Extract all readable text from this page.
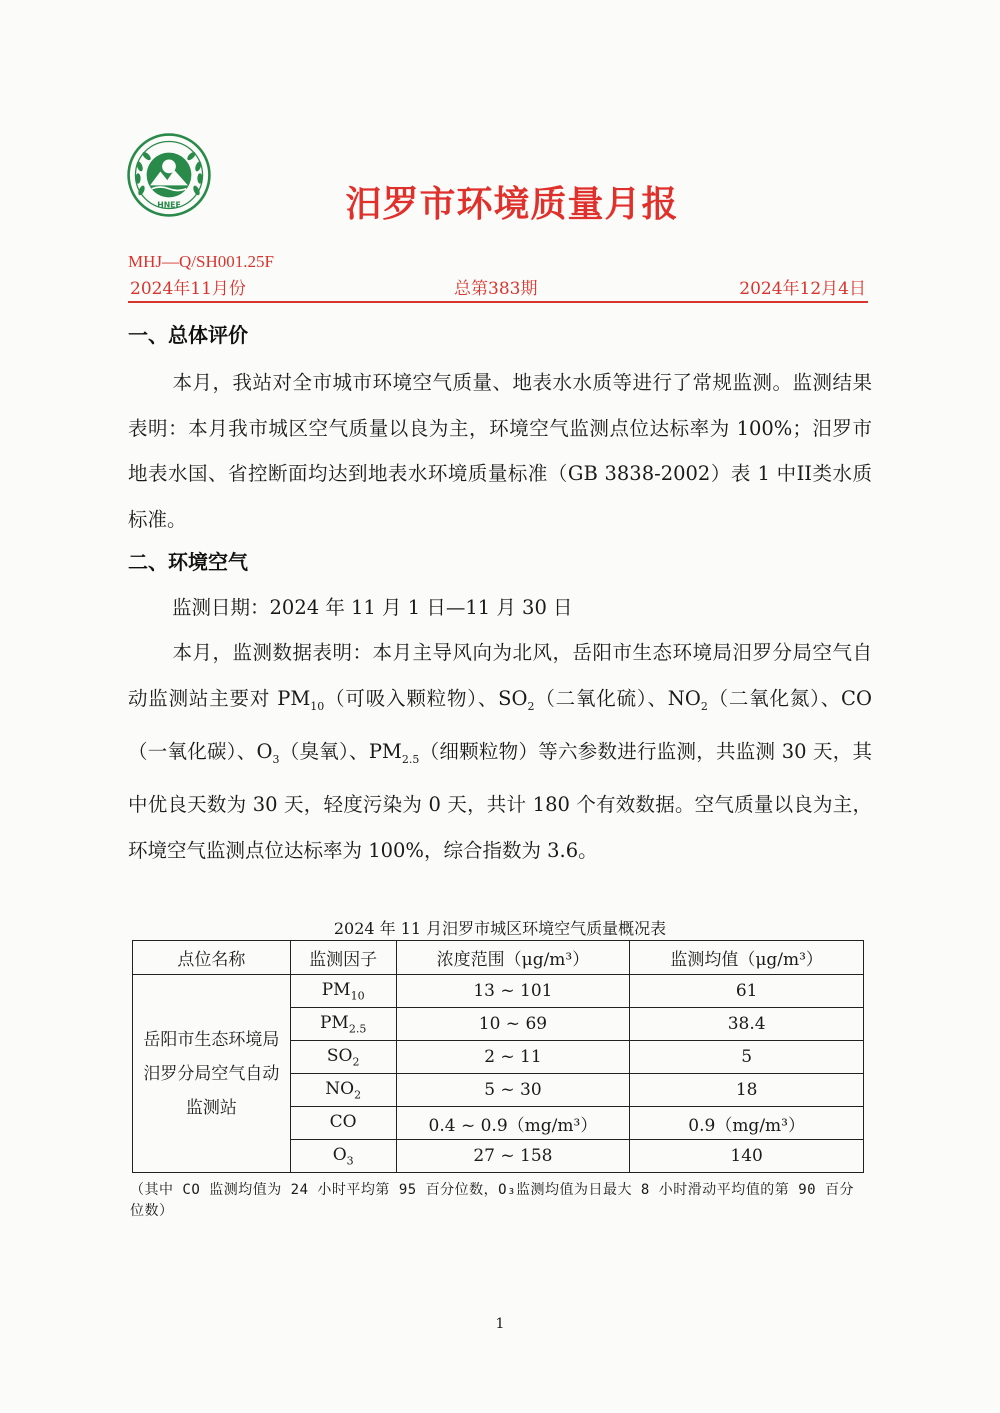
HNEE	汨罗市环境质量月报
MHJ—Q/SH001.25F
2024年11月份	总第383期	2024年12月4日
一、总体评价
本月，我站对全市城市环境空气质量、地表水水质等进行了常规监测。监测结果表明：本月我市城区空气质量以良为主，环境空气监测点位达标率为 100%；汨罗市地表水国、省控断面均达到地表水环境质量标准（GB 3838-2002）表 1 中II类水质标准。
二、环境空气
监测日期：2024 年 11 月 1 日—11 月 30 日
本月，监测数据表明：本月主导风向为北风，岳阳市生态环境局汨罗分局空气自动监测站主要对 $PM_{10}$（可吸入颗粒物）、$SO_2$（二氧化硫）、$NO_2$（二氧化氮）、CO（一氧化碳）、$O_3$（臭氧）、$PM_{2.5}$（细颗粒物）等六参数进行监测，共监测 30 天，其中优良天数为 30 天，轻度污染为 0 天，共计 180 个有效数据。空气质量以良为主，环境空气监测点位达标率为 100%，综合指数为 3.6。
2024 年 11 月汨罗市城区环境空气质量概况表
点位名称	监测因子	浓度范围（μg/m³）	监测均值（μg/m³）
岳阳市生态环境局汨罗分局空气自动监测站	$PM_{10}$	13 ~ 101	61
	$PM_{2.5}$	10 ~ 69	38.4
	$SO_2$	2 ~ 11	5
	$NO_2$	5 ~ 30	18
	CO	0.4 ~ 0.9（mg/m³）	0.9（mg/m³）
	$O_3$	27 ~ 158	140
（其中 CO 监测均值为 24 小时平均第 95 百分位数，O₃监测均值为日最大 8 小时滑动平均值的第 90 百分位数）
1
